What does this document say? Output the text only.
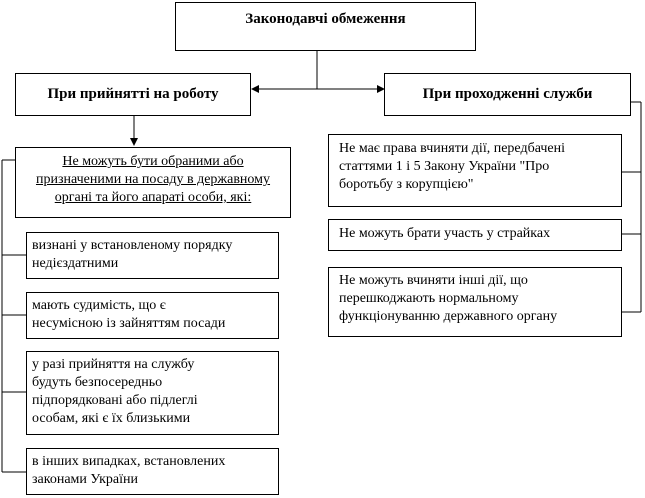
Законодавчі обмеження
При прийнятті на роботу	При проходженні служби
Не можуть бути обраними або
призначеними на посаду в державному
органі та його апараті особи, які:
визнані у встановленому порядку
недієздатними
мають судимість, що є
несумісною із зайняттям посади
у разі прийняття на службу
будуть безпосередньо
підпорядковані або підлеглі
особам, які є їх близькими
в інших випадках, встановлених
законами України
Не має права вчиняти дії, передбачені
статтями 1 і 5 Закону України "Про
боротьбу з корупцією"
Не можуть брати участь у страйках
Не можуть вчиняти інші дії, що
перешкоджають нормальному
функціонуванню державного органу
